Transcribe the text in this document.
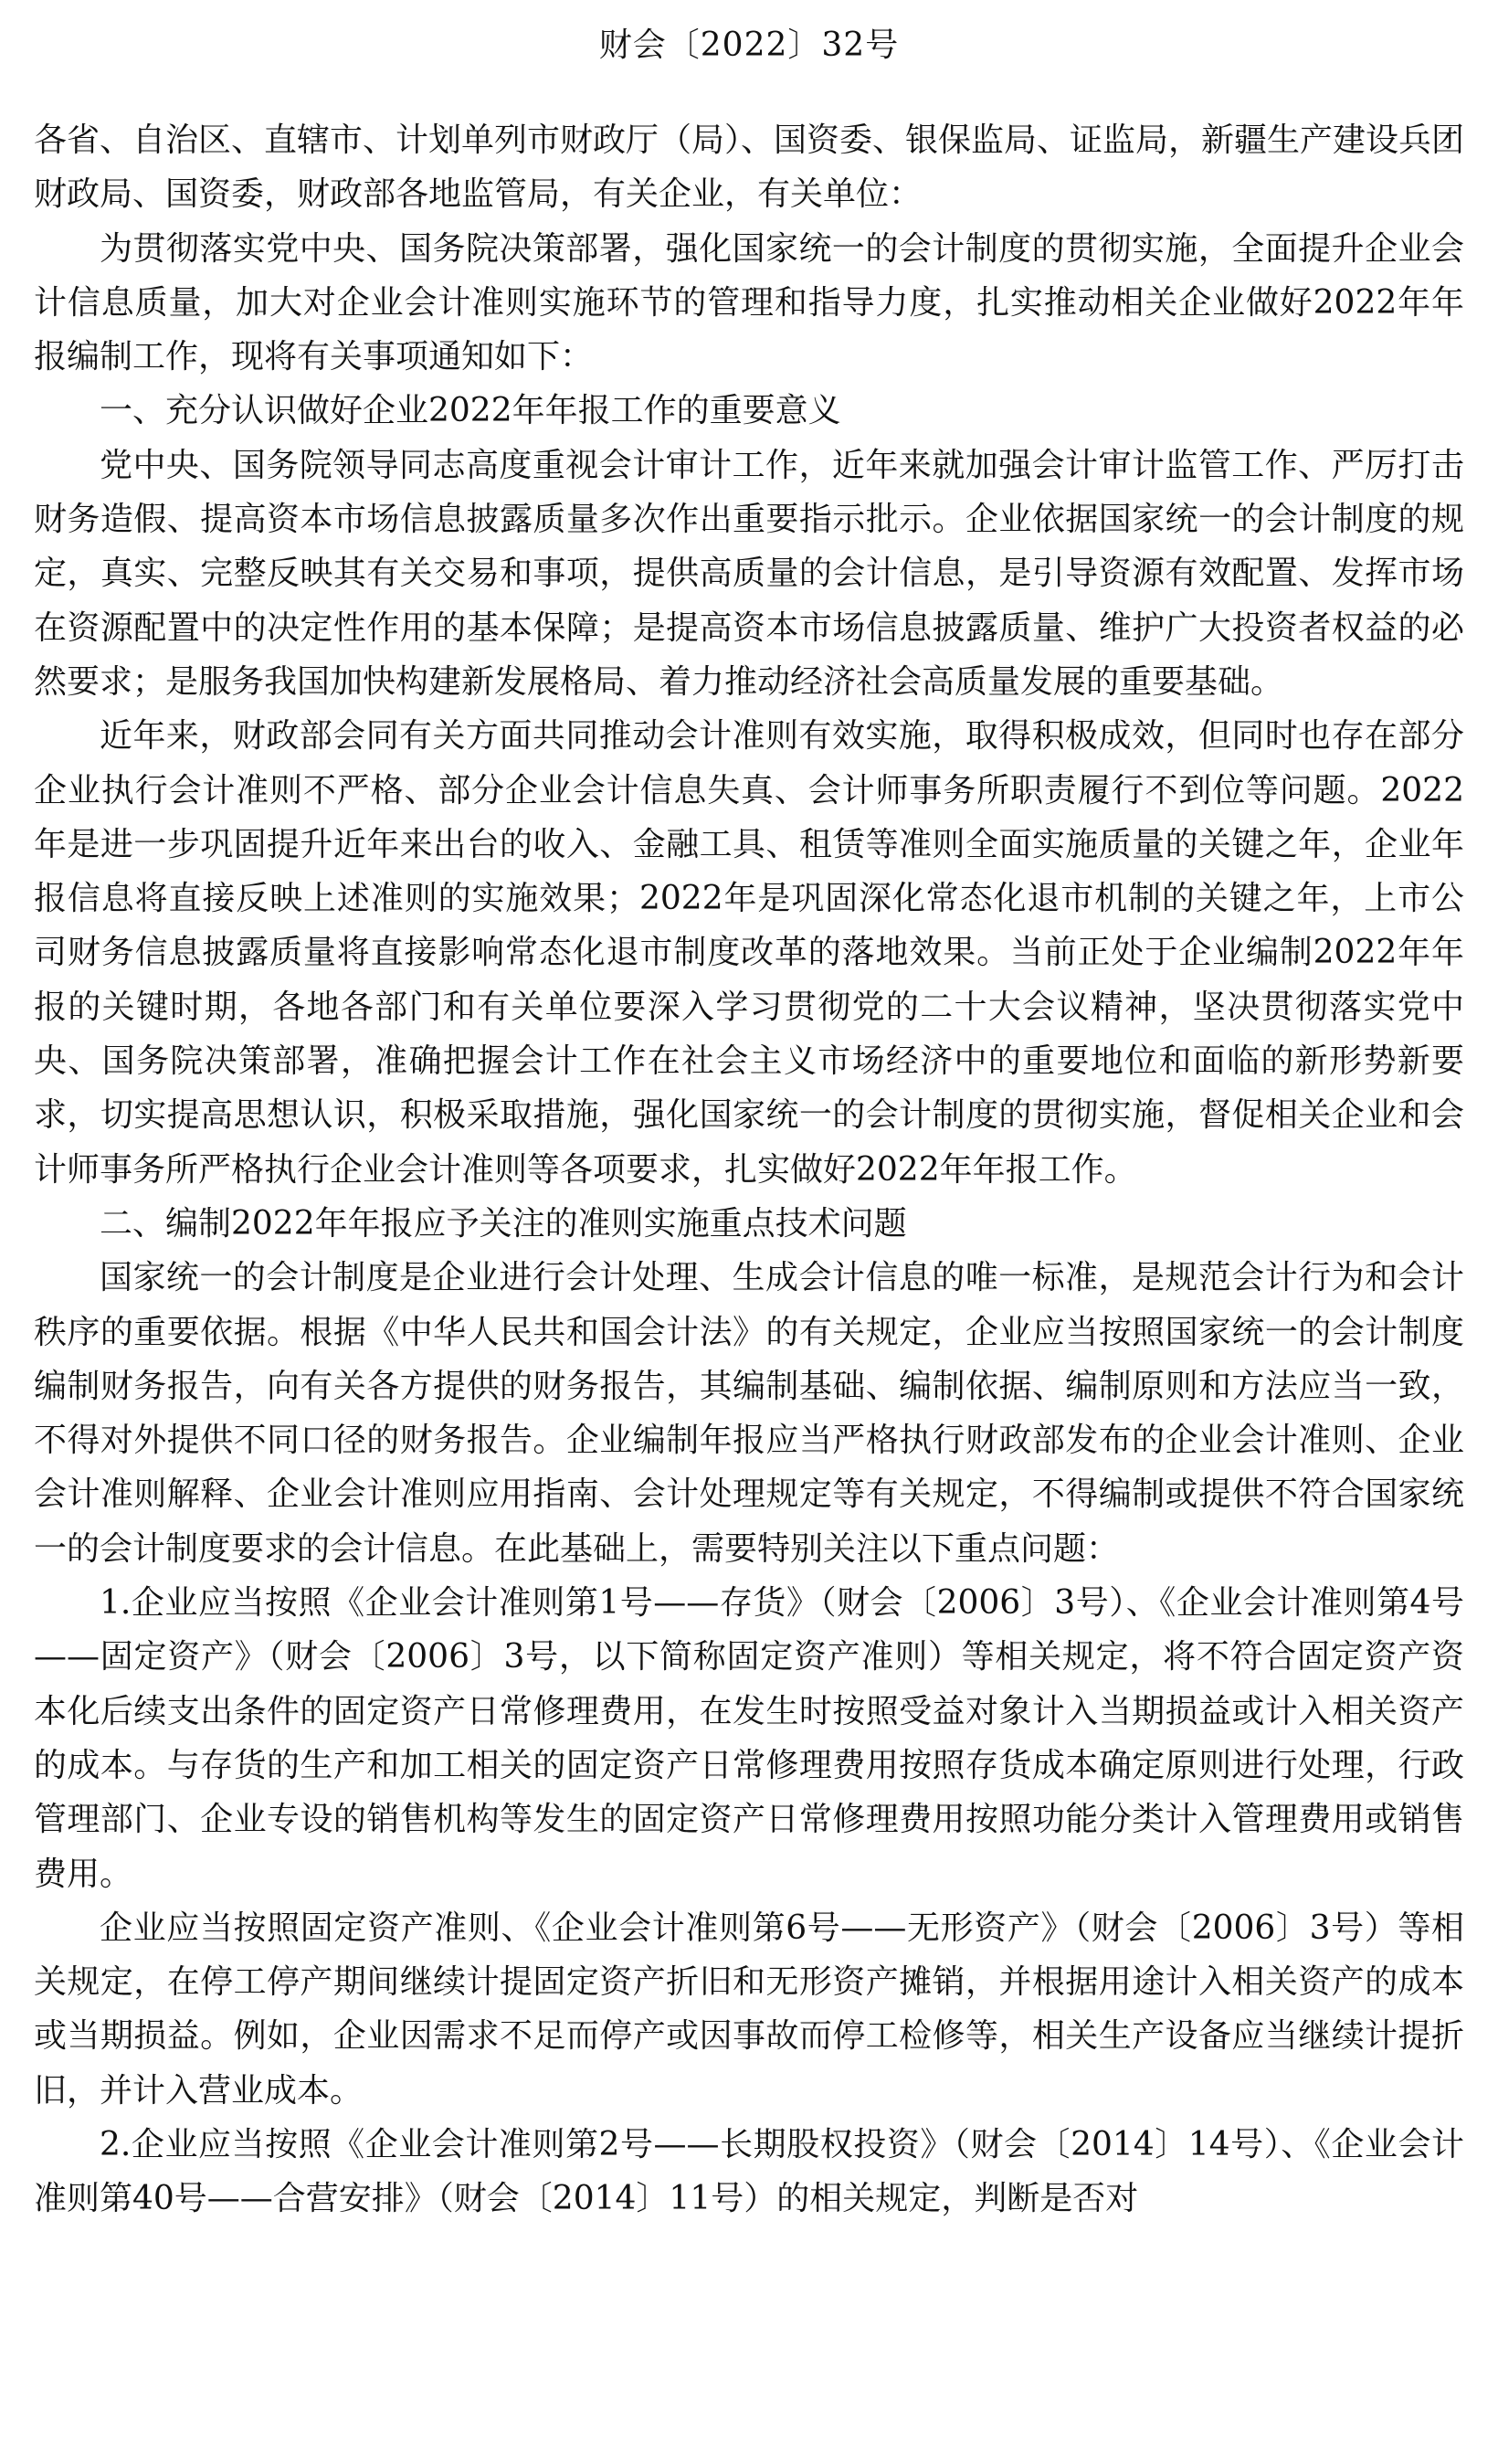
财会〔2022〕32号

各省、自治区、直辖市、计划单列市财政厅（局）、国资委、银保监局、证监局，新疆生产建设兵团财政局、国资委，财政部各地监管局，有关企业，有关单位：

为贯彻落实党中央、国务院决策部署，强化国家统一的会计制度的贯彻实施，全面提升企业会计信息质量，加大对企业会计准则实施环节的管理和指导力度，扎实推动相关企业做好2022年年报编制工作，现将有关事项通知如下：

一、充分认识做好企业2022年年报工作的重要意义

党中央、国务院领导同志高度重视会计审计工作，近年来就加强会计审计监管工作、严厉打击财务造假、提高资本市场信息披露质量多次作出重要指示批示。企业依据国家统一的会计制度的规定，真实、完整反映其有关交易和事项，提供高质量的会计信息，是引导资源有效配置、发挥市场在资源配置中的决定性作用的基本保障；是提高资本市场信息披露质量、维护广大投资者权益的必然要求；是服务我国加快构建新发展格局、着力推动经济社会高质量发展的重要基础。

近年来，财政部会同有关方面共同推动会计准则有效实施，取得积极成效，但同时也存在部分企业执行会计准则不严格、部分企业会计信息失真、会计师事务所职责履行不到位等问题。2022年是进一步巩固提升近年来出台的收入、金融工具、租赁等准则全面实施质量的关键之年，企业年报信息将直接反映上述准则的实施效果；2022年是巩固深化常态化退市机制的关键之年，上市公司财务信息披露质量将直接影响常态化退市制度改革的落地效果。当前正处于企业编制2022年年报的关键时期，各地各部门和有关单位要深入学习贯彻党的二十大会议精神，坚决贯彻落实党中央、国务院决策部署，准确把握会计工作在社会主义市场经济中的重要地位和面临的新形势新要求，切实提高思想认识，积极采取措施，强化国家统一的会计制度的贯彻实施，督促相关企业和会计师事务所严格执行企业会计准则等各项要求，扎实做好2022年年报工作。

二、编制2022年年报应予关注的准则实施重点技术问题

国家统一的会计制度是企业进行会计处理、生成会计信息的唯一标准，是规范会计行为和会计秩序的重要依据。根据《中华人民共和国会计法》的有关规定，企业应当按照国家统一的会计制度编制财务报告，向有关各方提供的财务报告，其编制基础、编制依据、编制原则和方法应当一致，不得对外提供不同口径的财务报告。企业编制年报应当严格执行财政部发布的企业会计准则、企业会计准则解释、企业会计准则应用指南、会计处理规定等有关规定，不得编制或提供不符合国家统一的会计制度要求的会计信息。在此基础上，需要特别关注以下重点问题：

1.企业应当按照《企业会计准则第1号——存货》（财会〔2006〕3号）、《企业会计准则第4号——固定资产》（财会〔2006〕3号，以下简称固定资产准则）等相关规定，将不符合固定资产资本化后续支出条件的固定资产日常修理费用，在发生时按照受益对象计入当期损益或计入相关资产的成本。与存货的生产和加工相关的固定资产日常修理费用按照存货成本确定原则进行处理，行政管理部门、企业专设的销售机构等发生的固定资产日常修理费用按照功能分类计入管理费用或销售费用。

企业应当按照固定资产准则、《企业会计准则第6号——无形资产》（财会〔2006〕3号）等相关规定，在停工停产期间继续计提固定资产折旧和无形资产摊销，并根据用途计入相关资产的成本或当期损益。例如，企业因需求不足而停产或因事故而停工检修等，相关生产设备应当继续计提折旧，并计入营业成本。

2.企业应当按照《企业会计准则第2号——长期股权投资》（财会〔2014〕14号）、《企业会计准则第40号——合营安排》（财会〔2014〕11号）的相关规定，判断是否对
